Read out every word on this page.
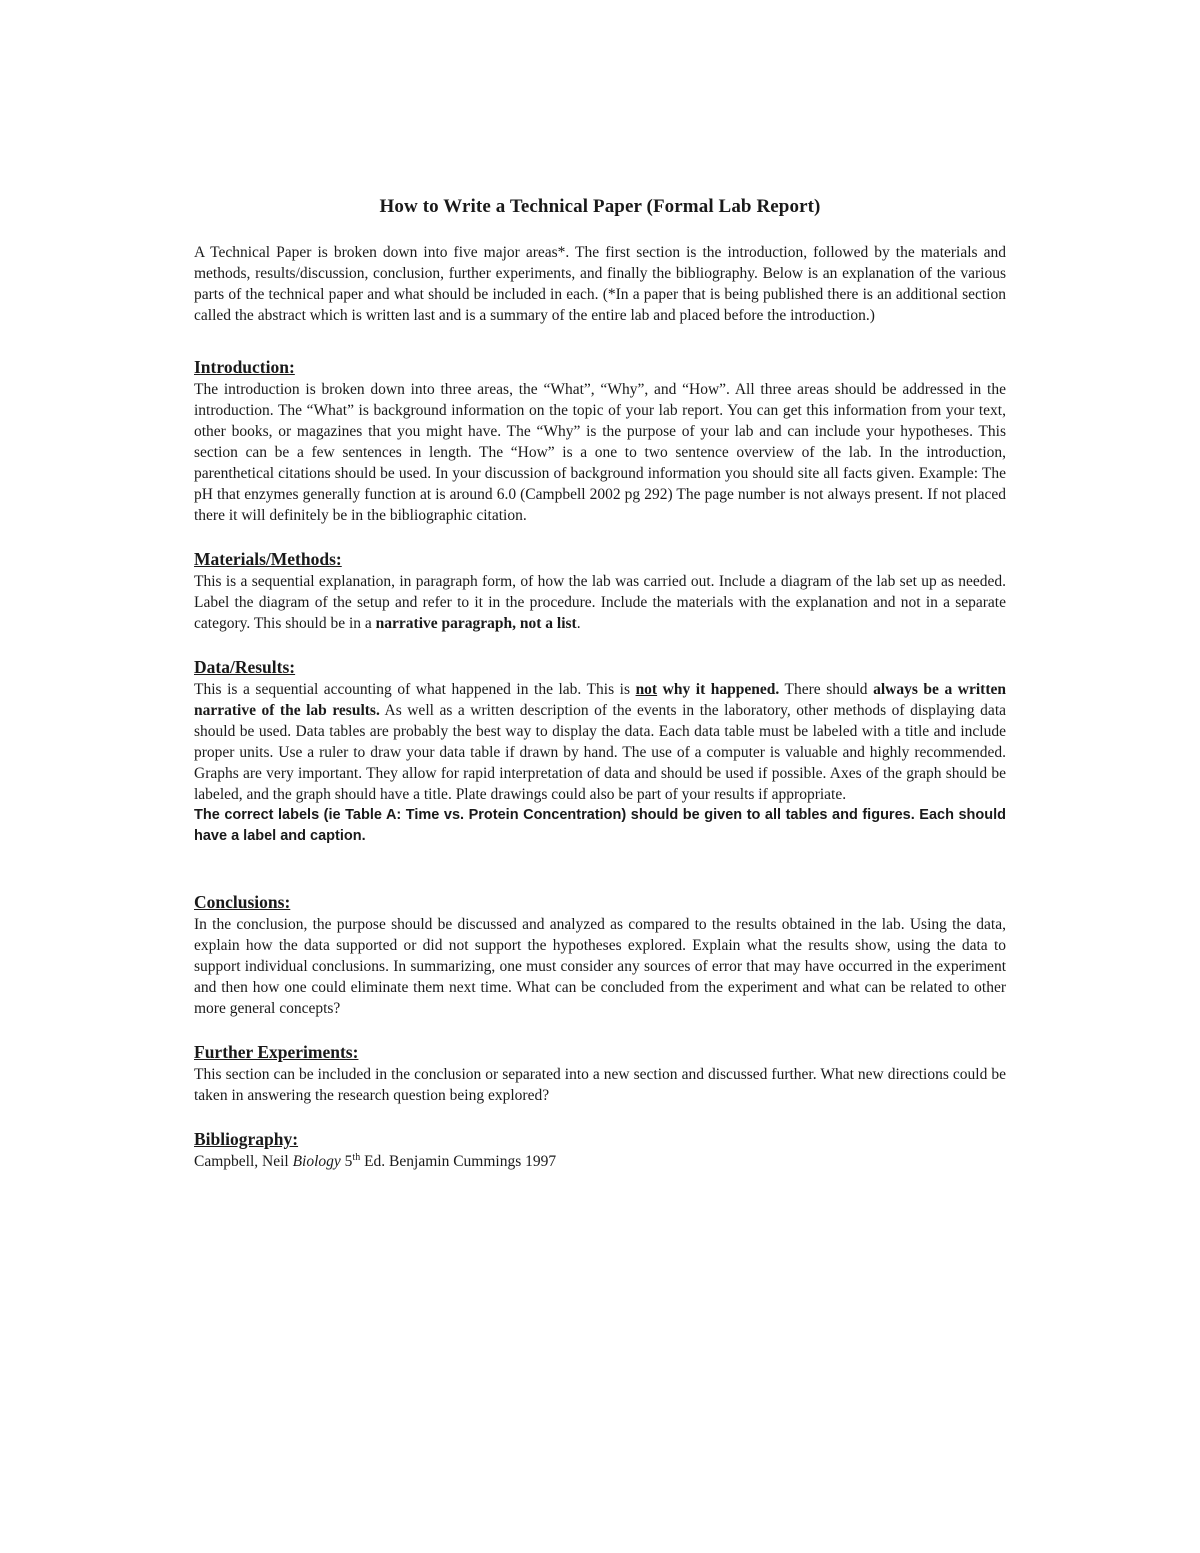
How to Write a Technical Paper (Formal Lab Report)

A Technical Paper is broken down into five major areas*. The first section is the introduction, followed by the materials and methods, results/discussion, conclusion, further experiments, and finally the bibliography. Below is an explanation of the various parts of the technical paper and what should be included in each. (*In a paper that is being published there is an additional section called the abstract which is written last and is a summary of the entire lab and placed before the introduction.)

Introduction:

The introduction is broken down into three areas, the “What”, “Why”, and “How”. All three areas should be addressed in the introduction. The “What” is background information on the topic of your lab report. You can get this information from your text, other books, or magazines that you might have. The “Why” is the purpose of your lab and can include your hypotheses. This section can be a few sentences in length. The “How” is a one to two sentence overview of the lab. In the introduction, parenthetical citations should be used. In your discussion of background information you should site all facts given. Example: The pH that enzymes generally function at is around 6.0 (Campbell 2002 pg 292) The page number is not always present. If not placed there it will definitely be in the bibliographic citation.

Materials/Methods:

This is a sequential explanation, in paragraph form, of how the lab was carried out. Include a diagram of the lab set up as needed. Label the diagram of the setup and refer to it in the procedure. Include the materials with the explanation and not in a separate category. This should be in a narrative paragraph, not a list.

Data/Results:

This is a sequential accounting of what happened in the lab. This is not why it happened. There should always be a written narrative of the lab results. As well as a written description of the events in the laboratory, other methods of displaying data should be used. Data tables are probably the best way to display the data. Each data table must be labeled with a title and include proper units. Use a ruler to draw your data table if drawn by hand. The use of a computer is valuable and highly recommended. Graphs are very important. They allow for rapid interpretation of data and should be used if possible. Axes of the graph should be labeled, and the graph should have a title. Plate drawings could also be part of your results if appropriate.

The correct labels (ie Table A: Time vs. Protein Concentration) should be given to all tables and figures. Each should have a label and caption.

Conclusions:

In the conclusion, the purpose should be discussed and analyzed as compared to the results obtained in the lab. Using the data, explain how the data supported or did not support the hypotheses explored. Explain what the results show, using the data to support individual conclusions. In summarizing, one must consider any sources of error that may have occurred in the experiment and then how one could eliminate them next time. What can be concluded from the experiment and what can be related to other more general concepts?

Further Experiments:

This section can be included in the conclusion or separated into a new section and discussed further. What new directions could be taken in answering the research question being explored?

Bibliography:

Campbell, Neil Biology 5th Ed. Benjamin Cummings 1997
